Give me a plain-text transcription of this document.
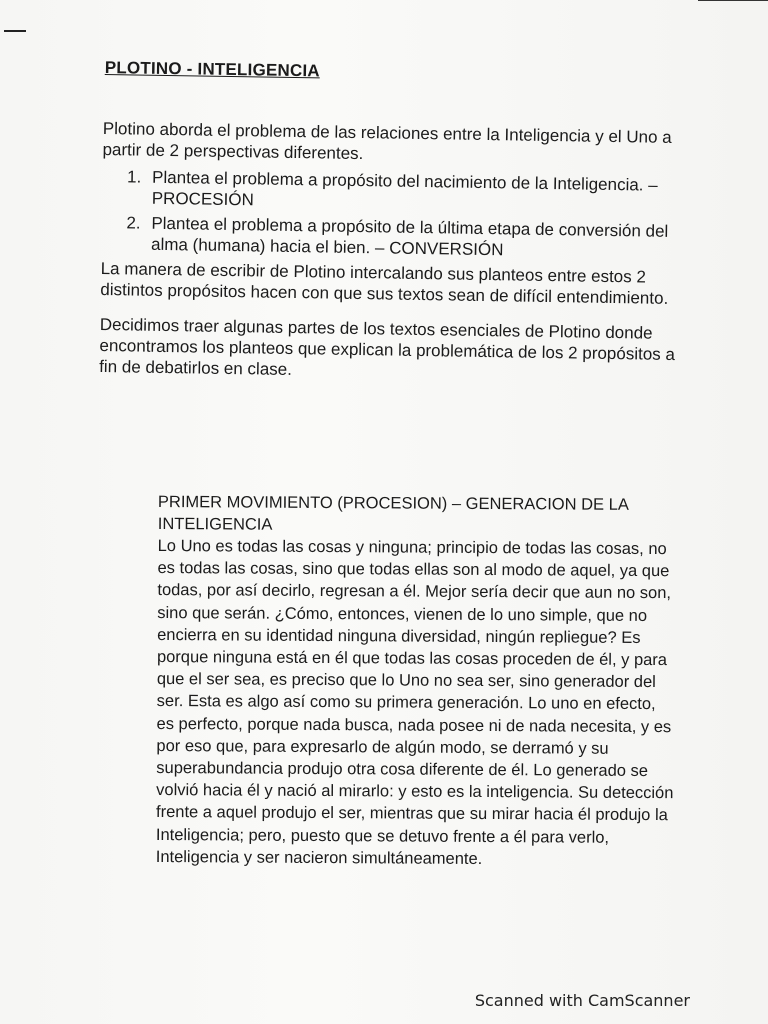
PLOTINO - INTELIGENCIA

Plotino aborda el problema de las relaciones entre la Inteligencia y el Uno a partir de 2 perspectivas diferentes.

1. Plantea el problema a propósito del nacimiento de la Inteligencia. – PROCESIÓN
2. Plantea el problema a propósito de la última etapa de conversión del alma (humana) hacia el bien. – CONVERSIÓN

La manera de escribir de Plotino intercalando sus planteos entre estos 2 distintos propósitos hacen con que sus textos sean de difícil entendimiento.

Decidimos traer algunas partes de los textos esenciales de Plotino donde encontramos los planteos que explican la problemática de los 2 propósitos a fin de debatirlos en clase.

PRIMER MOVIMIENTO (PROCESION) – GENERACION DE LA INTELIGENCIA

Lo Uno es todas las cosas y ninguna; principio de todas las cosas, no es todas las cosas, sino que todas ellas son al modo de aquel, ya que todas, por así decirlo, regresan a él. Mejor sería decir que aun no son, sino que serán. ¿Cómo, entonces, vienen de lo uno simple, que no encierra en su identidad ninguna diversidad, ningún repliegue? Es porque ninguna está en él que todas las cosas proceden de él, y para que el ser sea, es preciso que lo Uno no sea ser, sino generador del ser. Esta es algo así como su primera generación. Lo uno en efecto, es perfecto, porque nada busca, nada posee ni de nada necesita, y es por eso que, para expresarlo de algún modo, se derramó y su superabundancia produjo otra cosa diferente de él. Lo generado se volvió hacia él y nació al mirarlo: y esto es la inteligencia. Su detección frente a aquel produjo el ser, mientras que su mirar hacia él produjo la Inteligencia; pero, puesto que se detuvo frente a él para verlo, Inteligencia y ser nacieron simultáneamente.

Scanned with CamScanner
